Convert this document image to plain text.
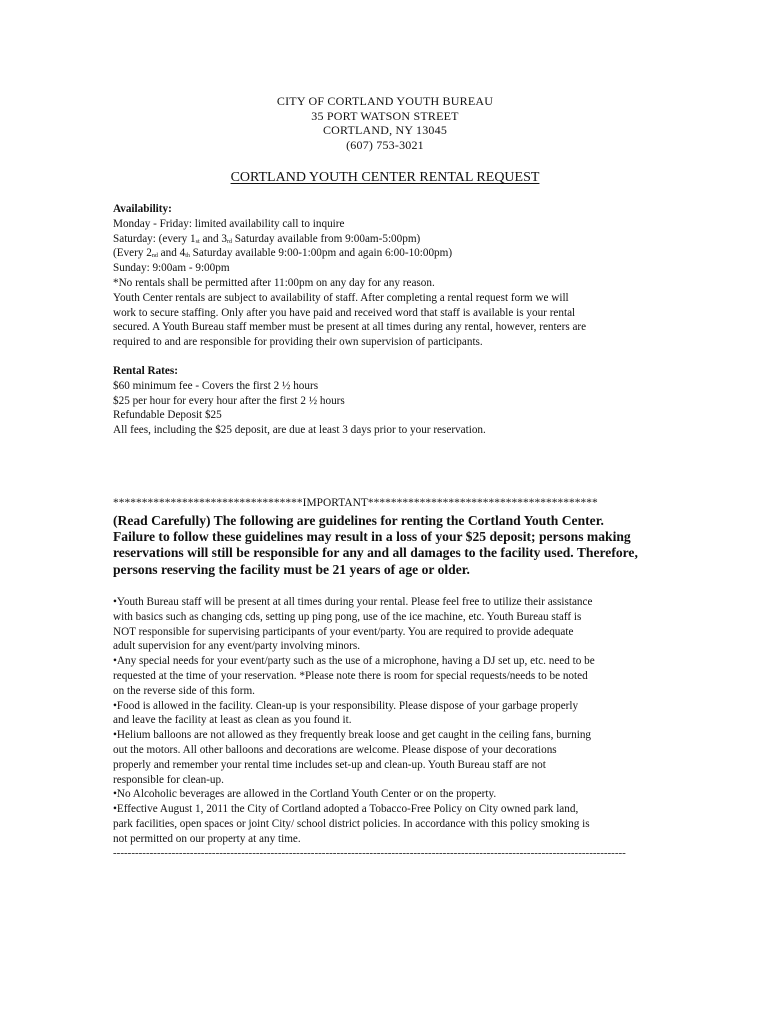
CITY OF CORTLAND YOUTH BUREAU
35 PORT WATSON STREET
CORTLAND, NY 13045
(607) 753-3021
CORTLAND YOUTH CENTER RENTAL REQUEST
Availability:
Monday - Friday: limited availability call to inquire
Saturday: (every 1st and 3rd Saturday available from 9:00am-5:00pm)
(Every 2nd and 4th Saturday available 9:00-1:00pm and again 6:00-10:00pm)
Sunday: 9:00am - 9:00pm
*No rentals shall be permitted after 11:00pm on any day for any reason.
Youth Center rentals are subject to availability of staff. After completing a rental request form we will
work to secure staffing. Only after you have paid and received word that staff is available is your rental
secured. A Youth Bureau staff member must be present at all times during any rental, however, renters are
required to and are responsible for providing their own supervision of participants.
Rental Rates:
$60 minimum fee - Covers the first 2 ½ hours
$25 per hour for every hour after the first 2 ½ hours
Refundable Deposit $25
All fees, including the $25 deposit, are due at least 3 days prior to your reservation.
*********************************IMPORTANT****************************************
(Read Carefully) The following are guidelines for renting the Cortland Youth Center.
Failure to follow these guidelines may result in a loss of your $25 deposit; persons making
reservations will still be responsible for any and all damages to the facility used. Therefore,
persons reserving the facility must be 21 years of age or older.
•Youth Bureau staff will be present at all times during your rental. Please feel free to utilize their assistance
with basics such as changing cds, setting up ping pong, use of the ice machine, etc. Youth Bureau staff is
NOT responsible for supervising participants of your event/party. You are required to provide adequate
adult supervision for any event/party involving minors.
•Any special needs for your event/party such as the use of a microphone, having a DJ set up, etc. need to be
requested at the time of your reservation. *Please note there is room for special requests/needs to be noted
on the reverse side of this form.
•Food is allowed in the facility. Clean-up is your responsibility. Please dispose of your garbage properly
and leave the facility at least as clean as you found it.
•Helium balloons are not allowed as they frequently break loose and get caught in the ceiling fans, burning
out the motors. All other balloons and decorations are welcome. Please dispose of your decorations
properly and remember your rental time includes set-up and clean-up. Youth Bureau staff are not
responsible for clean-up.
•No Alcoholic beverages are allowed in the Cortland Youth Center or on the property.
•Effective August 1, 2011 the City of Cortland adopted a Tobacco-Free Policy on City owned park land,
park facilities, open spaces or joint City/ school district policies. In accordance with this policy smoking is
not permitted on our property at any time.
--------------------------------------------------------------------------------------------------------------------------------------------
